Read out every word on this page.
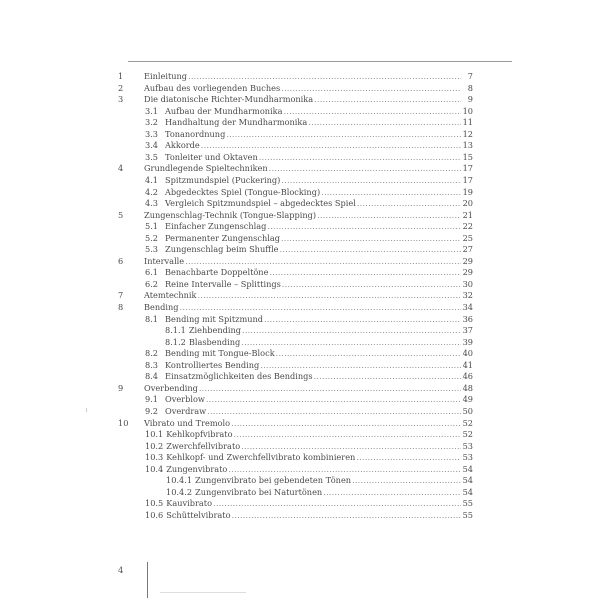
1	Einleitung .....	7
2	Aufbau des vorliegenden Buches .....	8
3	Die diatonische Richter-Mundharmonika .....	9
3.1 Aufbau der Mundharmonika .....	10
3.2 Handhaltung der Mundharmonika .....	11
3.3 Tonanordnung .....	12
3.4 Akkorde .....	13
3.5 Tonleiter und Oktaven .....	15
4	Grundlegende Spieltechniken .....	17
4.1 Spitzmundspiel (Puckering) .....	17
4.2 Abgedecktes Spiel (Tongue-Blocking) .....	19
4.3 Vergleich Spitzmundspiel – abgedecktes Spiel .....	20
5	Zungenschlag-Technik (Tongue-Slapping) .....	21
5.1 Einfacher Zungenschlag .....	22
5.2 Permanenter Zungenschlag .....	25
5.3 Zungenschlag beim Shuffle .....	27
6	Intervalle .....	29
6.1 Benachbarte Doppeltöne .....	29
6.2 Reine Intervalle – Splittings .....	30
7	Atemtechnik .....	32
8	Bending .....	34
8.1 Bending mit Spitzmund .....	36
8.1.1 Ziehbending .....	37
8.1.2 Blasbending .....	39
8.2 Bending mit Tongue-Block .....	40
8.3 Kontrolliertes Bending .....	41
8.4 Einsatzmöglichkeiten des Bendings .....	46
9	Overbending .....	48
9.1 Overblow .....	49
9.2 Overdraw .....	50
10 Vibrato und Tremolo .....	52
10.1 Kehlkopfvibrato .....	52
10.2 Zwerchfellvibrato .....	53
10.3 Kehlkopf- und Zwerchfellvibrato kombinieren .....	53
10.4 Zungenvibrato .....	54
10.4.1 Zungenvibrato bei gebendeten Tönen .....	54
10.4.2 Zungenvibrato bei Naturtönen .....	54
10.5 Kauvibrato .....	55
10.6 Schüttelvibrato .....	55
4
